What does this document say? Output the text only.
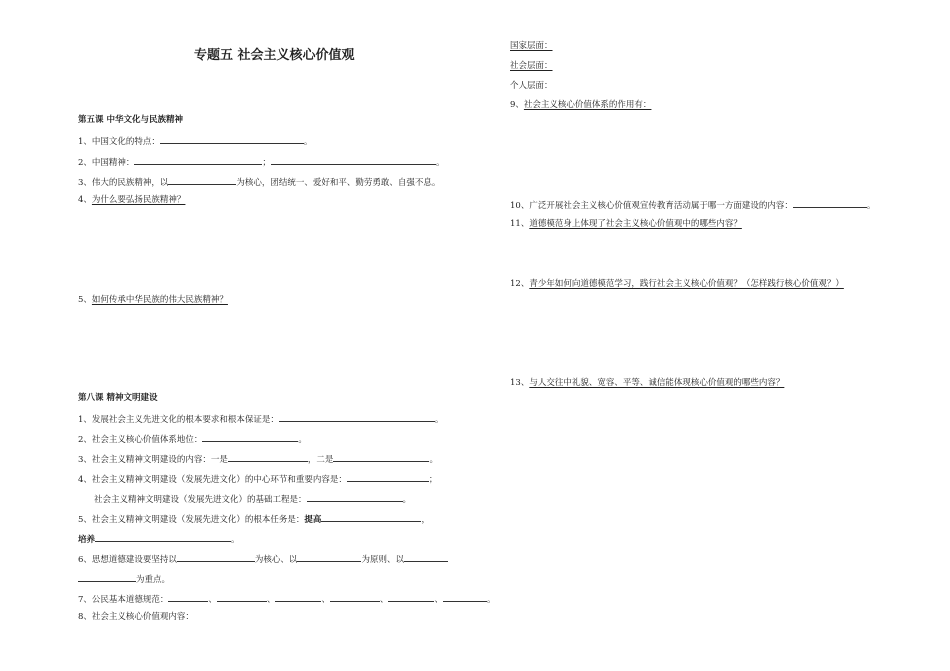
专题五 社会主义核心价值观
第五课 中华文化与民族精神
1、中国文化的特点：	。
2、中国精神：	；	。
3、伟大的民族精神，以	为核心，团结统一、爱好和平、勤劳勇敢、自强不息。
4、为什么要弘扬民族精神？
5、如何传承中华民族的伟大民族精神？
第八课 精神文明建设
1、发展社会主义先进文化的根本要求和根本保证是：	。
2、社会主义核心价值体系地位：	。
3、社会主义精神文明建设的内容：一是	，二是	。
4、社会主义精神文明建设（发展先进文化）的中心环节和重要内容是：	；
社会主义精神文明建设（发展先进文化）的基础工程是：	。
5、社会主义精神文明建设（发展先进文化）的根本任务是：提高	，
培养	。
6、思想道德建设要坚持以	为核心、以	为原则、以
为重点。
7、公民基本道德规范：	、	、	、	、	、	。
8、社会主义核心价值观内容：
国家层面：
社会层面：
个人层面：
9、社会主义核心价值体系的作用有：
10、广泛开展社会主义核心价值观宣传教育活动属于哪一方面建设的内容：	。
11、道德模范身上体现了社会主义核心价值观中的哪些内容？
12、青少年如何向道德模范学习，践行社会主义核心价值观？（怎样践行核心价值观？）
13、与人交往中礼貌、宽容、平等、诚信能体现核心价值观的哪些内容？
